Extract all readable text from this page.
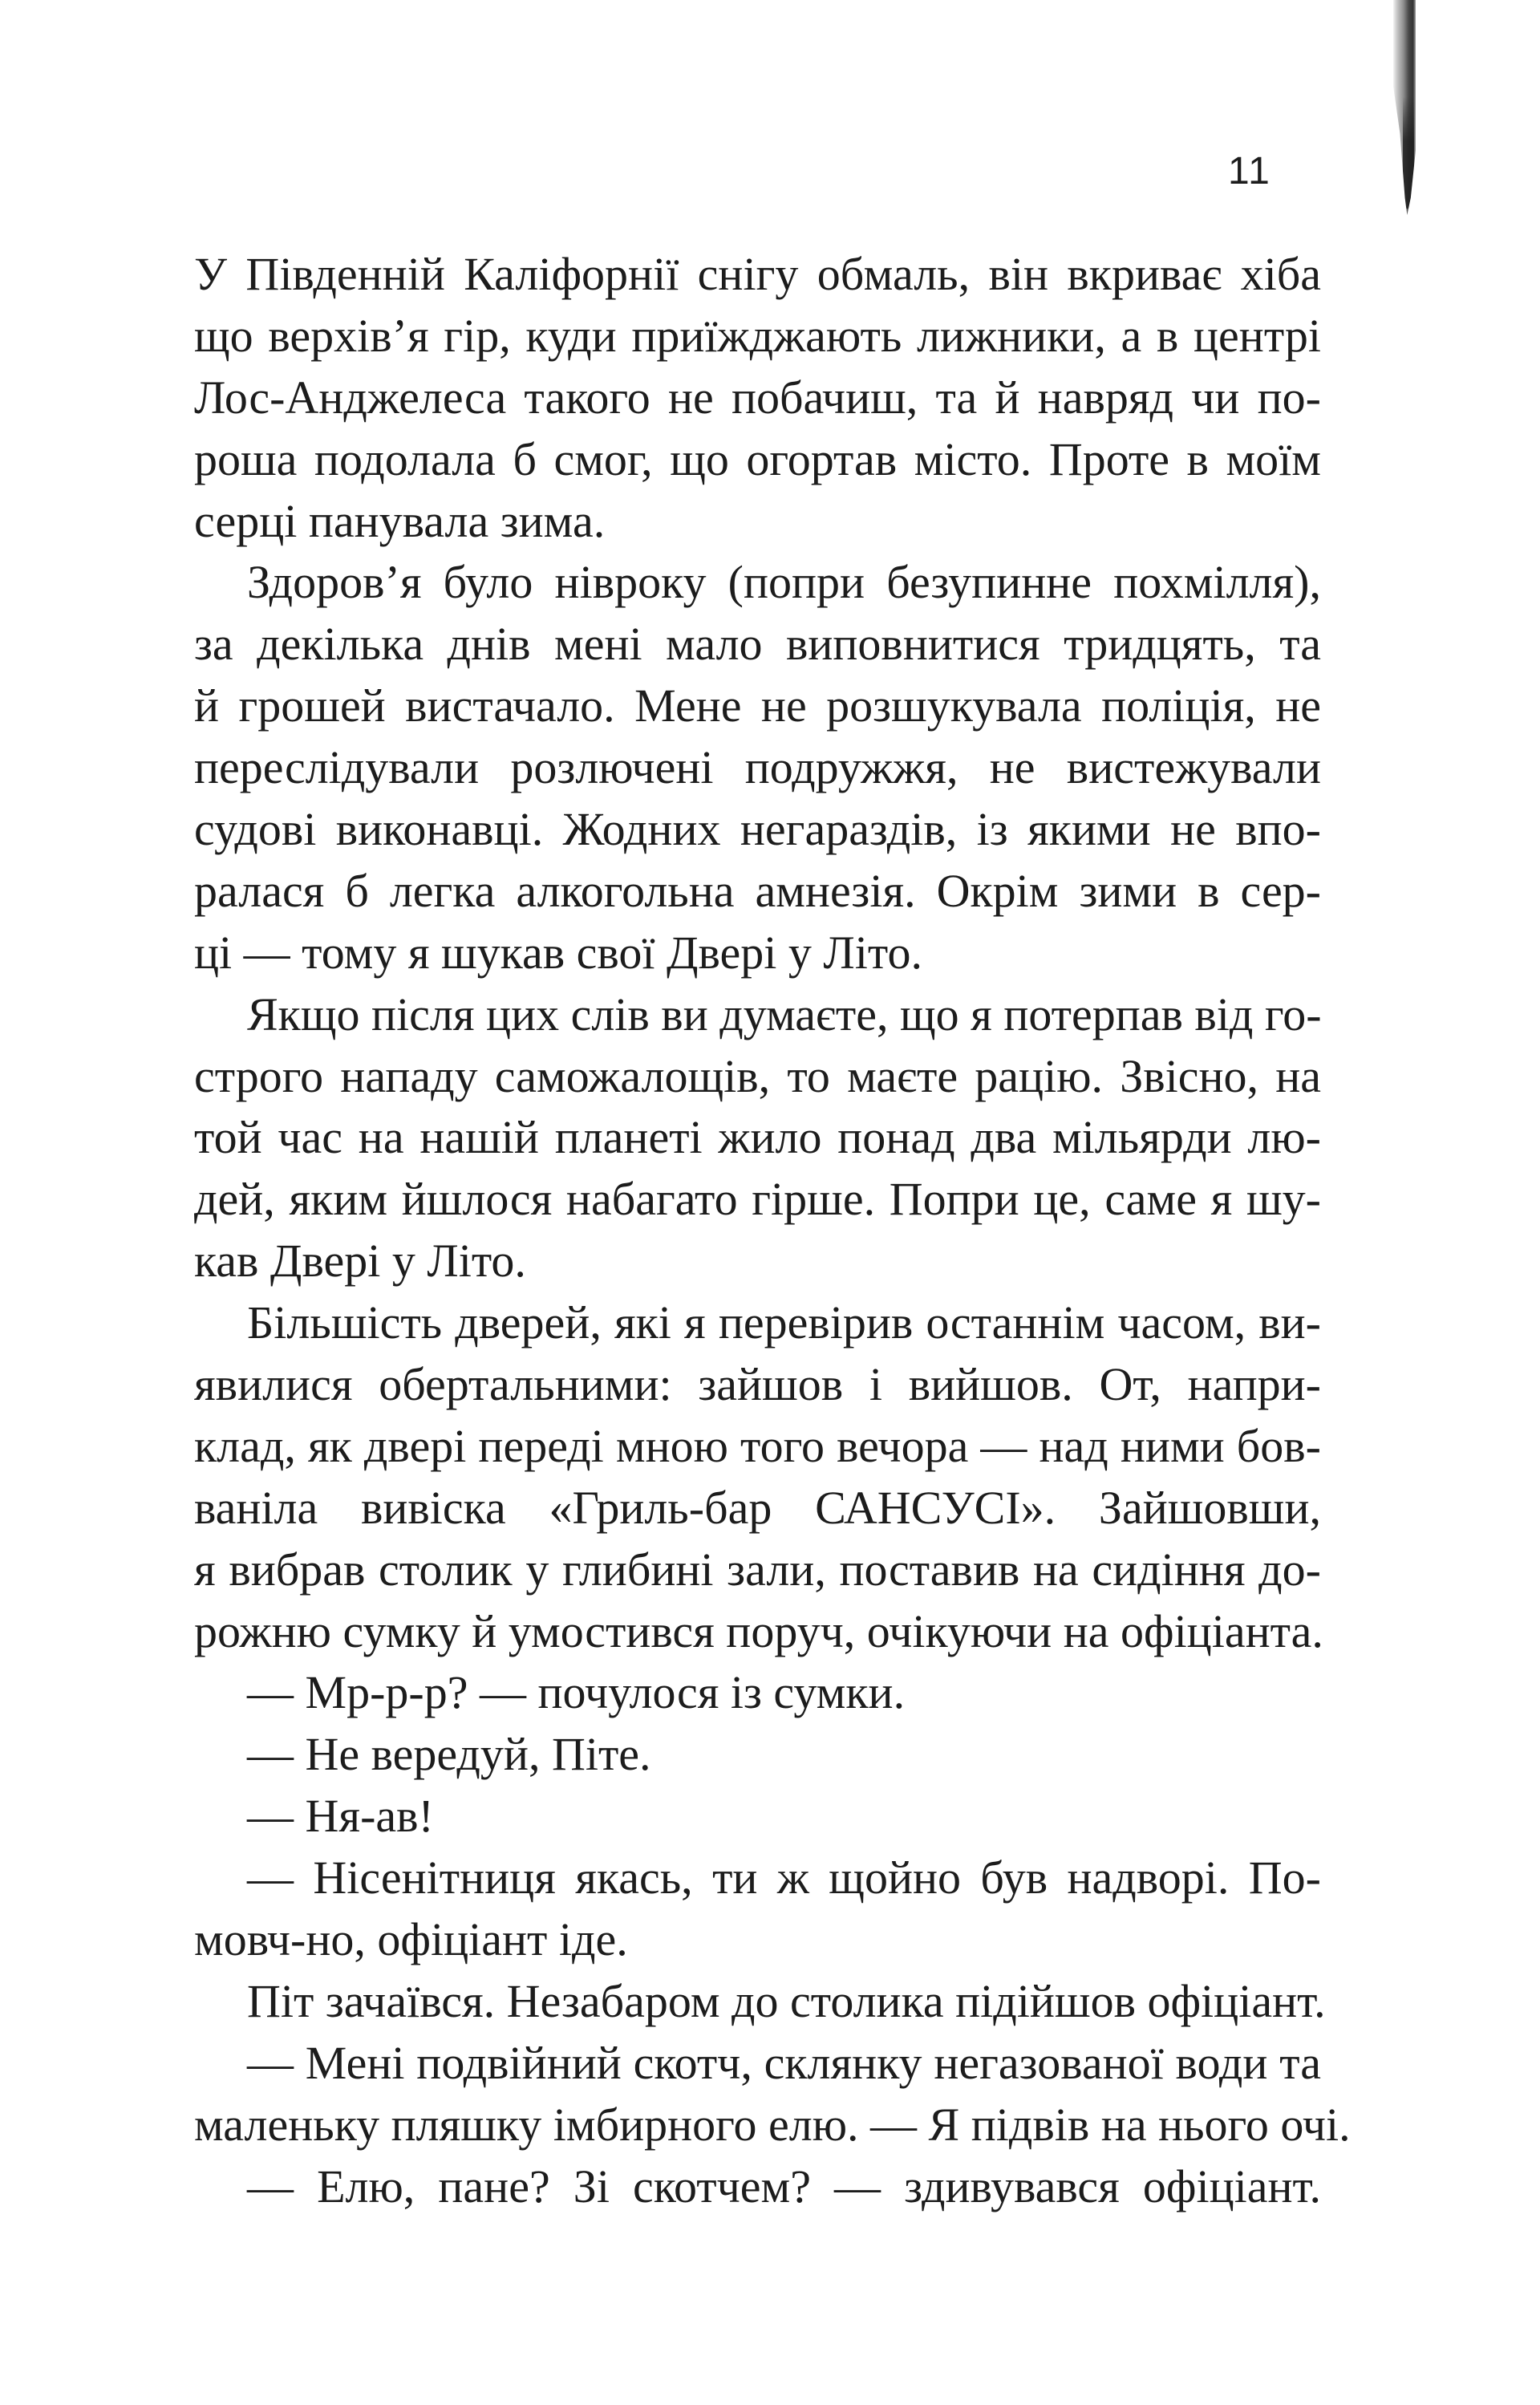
11
У Південній Каліфорнії снігу обмаль, він вкриває хіба
що верхів’я гір, куди приїжджають лижники, а в центрі
Лос-Анджелеса такого не побачиш, та й навряд чи по-
роша подолала б смог, що огортав місто. Проте в моїм
серці панувала зима.
Здоров’я було нівроку (попри безупинне похмілля),
за декілька днів мені мало виповнитися тридцять, та
й грошей вистачало. Мене не розшукувала поліція, не
переслідували розлючені подружжя, не вистежували
судові виконавці. Жодних негараздів, із якими не впо-
ралася б легка алкогольна амнезія. Окрім зими в сер-
ці — тому я шукав свої Двері у Літо.
Якщо після цих слів ви думаєте, що я потерпав від го-
строго нападу саможалощів, то маєте рацію. Звісно, на
той час на нашій планеті жило понад два мільярди лю-
дей, яким йшлося набагато гірше. Попри це, саме я шу-
кав Двері у Літо.
Більшість дверей, які я перевірив останнім часом, ви-
явилися обертальними: зайшов і вийшов. От, напри-
клад, як двері переді мною того вечора — над ними бов-
ваніла вивіска «Гриль-бар САНСУСІ». Зайшовши,
я вибрав столик у глибині зали, поставив на сидіння до-
рожню сумку й умостився поруч, очікуючи на офіціанта.
— Мр-р-р? — почулося із сумки.
— Не вередуй, Піте.
— Ня-ав!
— Нісенітниця якась, ти ж щойно був надворі. По-
мовч-но, офіціант іде.
Піт зачаївся. Незабаром до столика підійшов офіціант.
— Мені подвійний скотч, склянку негазованої води та
маленьку пляшку імбирного елю. — Я підвів на нього очі.
— Елю, пане? Зі скотчем? — здивувався офіціант.
